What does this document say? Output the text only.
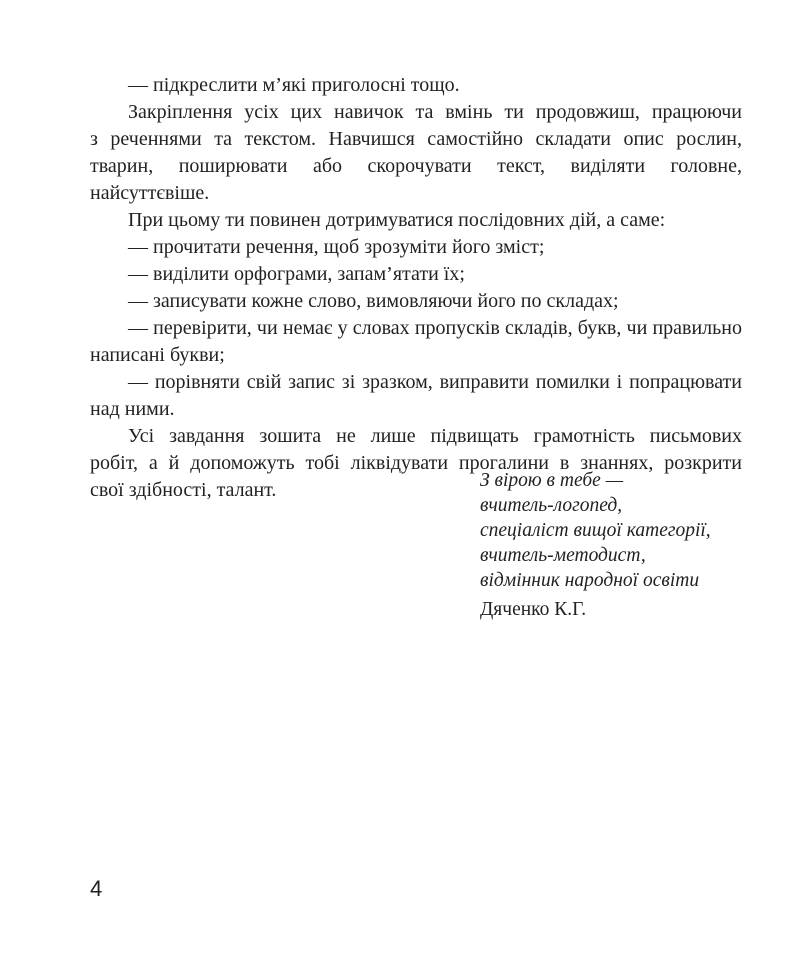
— підкреслити м’які приголосні тощо.
Закріплення усіх цих навичок та вмінь ти продовжиш, працюючи
з реченнями та текстом. Навчишся самостійно складати опис рослин,
тварин, поширювати або скорочувати текст, виділяти головне,
найсуттєвіше.
При цьому ти повинен дотримуватися послідовних дій, а саме:
— прочитати речення, щоб зрозуміти його зміст;
— виділити орфограми, запам’ятати їх;
— записувати кожне слово, вимовляючи його по складах;
— перевірити, чи немає у словах пропусків складів, букв, чи правильно
написані букви;
— порівняти свій запис зі зразком, виправити помилки і попрацювати
над ними.
Усі завдання зошита не лише підвищать грамотність письмових
робіт, а й допоможуть тобі ліквідувати прогалини в знаннях, розкрити
свої здібності, талант.	З вірою в тебе —
вчитель-логопед,
спеціаліст вищої категорії,
вчитель-методист,
відмінник народної освіти
Дяченко К.Г.
4
